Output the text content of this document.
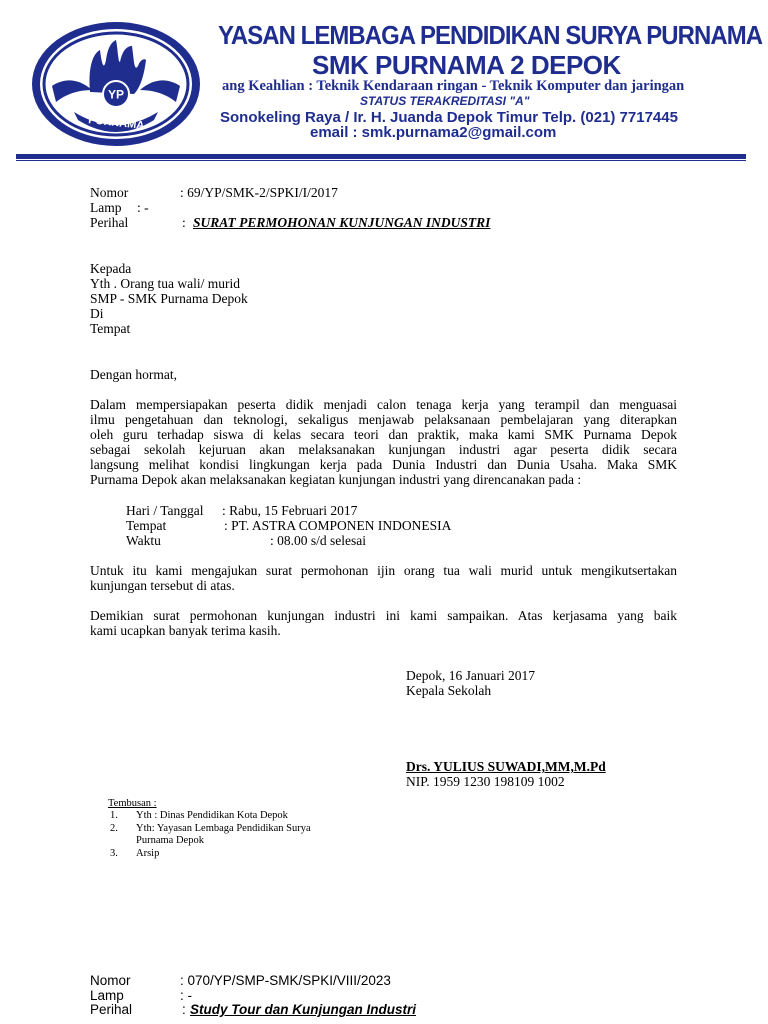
YP
PURNAMA
YASAN LEMBAGA PENDIDIKAN SURYA PURNAMA
SMK PURNAMA 2 DEPOK
ang Keahlian : Teknik Kendaraan ringan - Teknik Komputer dan jaringan
STATUS TERAKREDITASI "A"
Sonokeling Raya / Ir. H. Juanda Depok Timur Telp. (021) 7717445
email : smk.purnama2@gmail.com
Nomor	: 69/YP/SMK-2/SPKI/I/2017
Lamp : -
Perihal	: SURAT PERMOHONAN KUNJUNGAN INDUSTRI
Kepada
Yth . Orang tua wali/ murid
SMP - SMK Purnama Depok
Di
Tempat
Dengan hormat,
Dalam mempersiapakan peserta didik menjadi calon tenaga kerja yang terampil dan menguasai
ilmu pengetahuan dan teknologi, sekaligus menjawab pelaksanaan pembelajaran yang diterapkan
oleh guru terhadap siswa di kelas secara teori dan praktik, maka kami SMK Purnama Depok
sebagai sekolah kejuruan akan melaksanakan kunjungan industri agar peserta didik secara
langsung melihat kondisi lingkungan kerja pada Dunia Industri dan Dunia Usaha. Maka SMK
Purnama Depok akan melaksanakan kegiatan kunjungan industri yang direncanakan pada :
Hari / Tanggal : Rabu, 15 Februari 2017
Tempat	: PT. ASTRA COMPONEN INDONESIA
Waktu	: 08.00 s/d selesai
Untuk itu kami mengajukan surat permohonan ijin orang tua wali murid untuk mengikutsertakan
kunjungan tersebut di atas.
Demikian surat permohonan kunjungan industri ini kami sampaikan. Atas kerjasama yang baik
kami ucapkan banyak terima kasih.
Depok, 16 Januari 2017
Kepala Sekolah
Drs. YULIUS SUWADI,MM,M.Pd
NIP. 1959 1230 198109 1002
Tembusan :
1. Yth : Dinas Pendidikan Kota Depok
2. Yth: Yayasan Lembaga Pendidikan Surya
Purnama Depok
3. Arsip
Nomor	: 070/YP/SMP-SMK/SPKI/VIII/2023
Lamp	: -
Perihal	: Study Tour dan Kunjungan Industri
